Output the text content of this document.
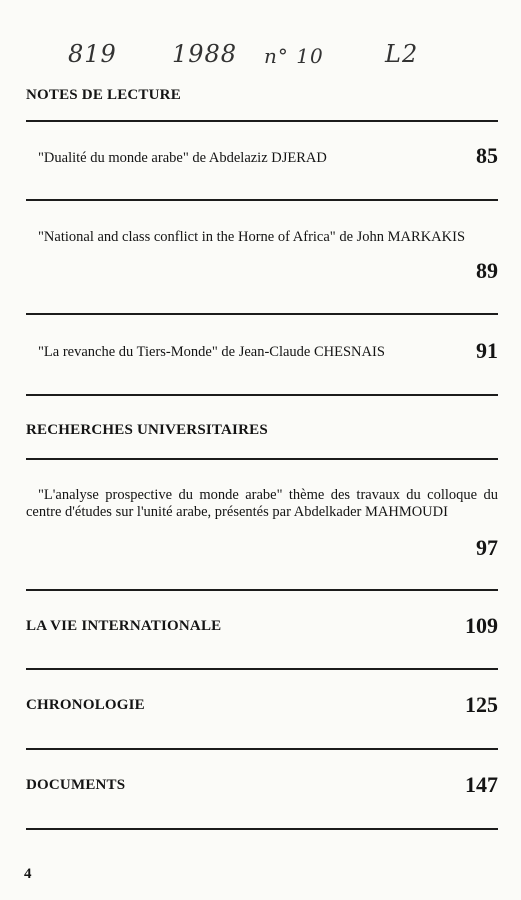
819 1988 n° 10	L2
NOTES DE LECTURE
"Dualité du monde arabe" de Abdelaziz DJERAD	85
"National and class conflict in the Horne of Africa" de John MARKAKIS
89
"La revanche du Tiers-Monde" de Jean-Claude CHESNAIS	91
RECHERCHES UNIVERSITAIRES
"L'analyse prospective du monde arabe" thème des travaux du colloque du centre d'études sur l'unité arabe, présentés par Abdelkader MAHMOUDI
97
LA VIE INTERNATIONALE	109
CHRONOLOGIE	125
DOCUMENTS	147
4
